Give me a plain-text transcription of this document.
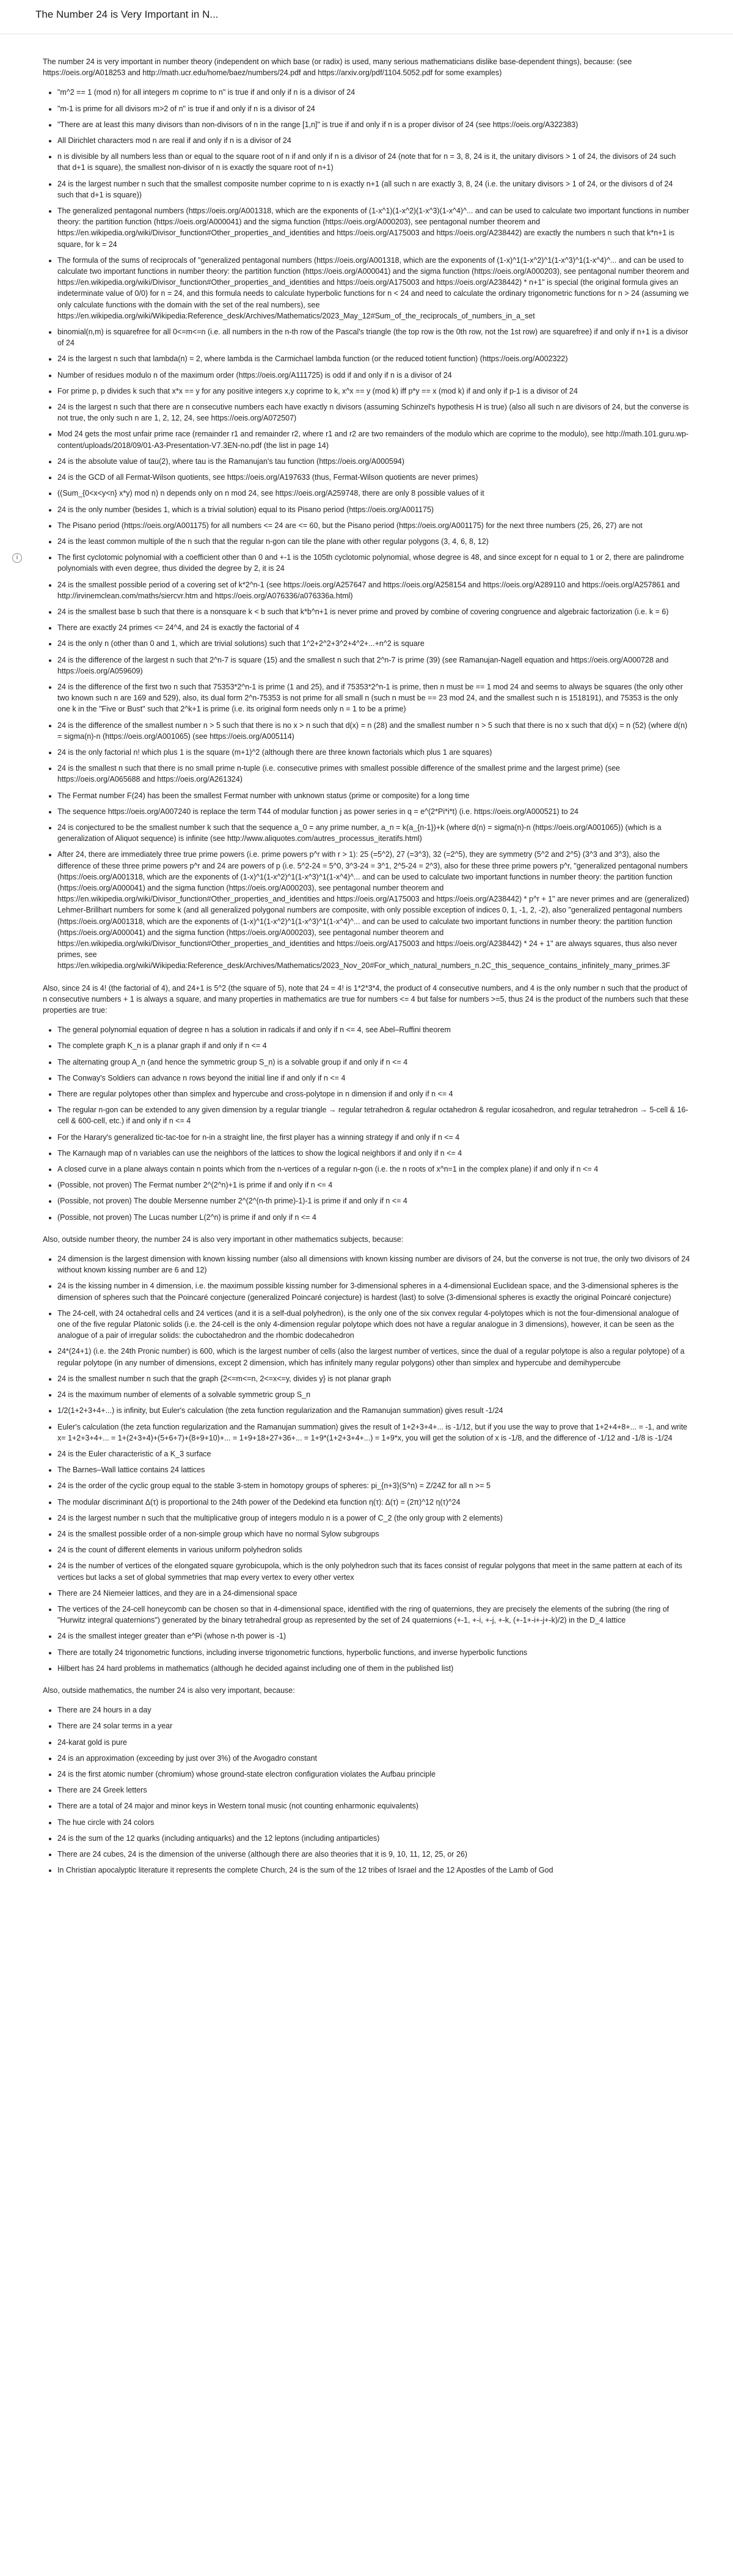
The Number 24 is Very Important in N...
i

The number 24 is very important in number theory (independent on which base (or radix) is used, many serious mathematicians dislike base-dependent things), because: (see https://oeis.org/A018253 and http://math.ucr.edu/home/baez/numbers/24.pdf and https://arxiv.org/pdf/1104.5052.pdf for some examples)

• "m^2 == 1 (mod n) for all integers m coprime to n" is true if and only if n is a divisor of 24
• "m-1 is prime for all divisors m>2 of n" is true if and only if n is a divisor of 24
• "There are at least this many divisors than non-divisors of n in the range [1,n]" is true if and only if n is a proper divisor of 24 (see https://oeis.org/A322383)
• All Dirichlet characters mod n are real if and only if n is a divisor of 24
• n is divisible by all numbers less than or equal to the square root of n if and only if n is a divisor of 24 (note that for n = 3, 8, 24 is it, the unitary divisors > 1 of 24, the divisors of 24 such that d+1 is square), the smallest non-divisor of n is exactly the square root of n+1)
• 24 is the largest number n such that the smallest composite number coprime to n is exactly n+1 (all such n are exactly 3, 8, 24 (i.e. the unitary divisors > 1 of 24, or the divisors d of 24 such that d+1 is square))
• The generalized pentagonal numbers (https://oeis.org/A001318, which are the exponents of (1-x^1)(1-x^2)(1-x^3)(1-x^4)^... and can be used to calculate two important functions in number theory: the partition function (https://oeis.org/A000041) and the sigma function (https://oeis.org/A000203), see pentagonal number theorem and https://en.wikipedia.org/wiki/Divisor_function#Other_properties_and_identities and https://oeis.org/A175003 and https://oeis.org/A238442) are exactly the numbers n such that k*n+1 is square, for k = 24
• The formula of the sums of reciprocals of "generalized pentagonal numbers (https://oeis.org/A001318, which are the exponents of (1-x)^1(1-x^2)^1(1-x^3)^1(1-x^4)^... and can be used to calculate two important functions in number theory: the partition function (https://oeis.org/A000041) and the sigma function (https://oeis.org/A000203), see pentagonal number theorem and https://en.wikipedia.org/wiki/Divisor_function#Other_properties_and_identities and https://oeis.org/A175003 and https://oeis.org/A238442) * n+1" is special (the original formula gives an indeterminate value of 0/0) for n = 24, and this formula needs to calculate hyperbolic functions for n < 24 and need to calculate the ordinary trigonometric functions for n > 24 (assuming we only calculate functions with the domain with the set of the real numbers), see https://en.wikipedia.org/wiki/Wikipedia:Reference_desk/Archives/Mathematics/2023_May_12#Sum_of_the_reciprocals_of_numbers_in_a_set
• binomial(n,m) is squarefree for all 0<=m<=n (i.e. all numbers in the n-th row of the Pascal's triangle (the top row is the 0th row, not the 1st row) are squarefree) if and only if n+1 is a divisor of 24
• 24 is the largest n such that lambda(n) = 2, where lambda is the Carmichael lambda function (or the reduced totient function) (https://oeis.org/A002322)
• Number of residues modulo n of the maximum order (https://oeis.org/A111725) is odd if and only if n is a divisor of 24
• For prime p, p divides k such that x*x == y for any positive integers x,y coprime to k, x^x == y (mod k) iff p*y == x (mod k) if and only if p-1 is a divisor of 24
• 24 is the largest n such that there are n consecutive numbers each have exactly n divisors (assuming Schinzel's hypothesis H is true) (also all such n are divisors of 24, but the converse is not true, the only such n are 1, 2, 12, 24, see https://oeis.org/A072507)
• Mod 24 gets the most unfair prime race (remainder r1 and remainder r2, where r1 and r2 are two remainders of the modulo which are coprime to the modulo), see http://math.101.guru.wp-content/uploads/2018/09/01-A3-Presentation-V7.3EN-no.pdf (the list in page 14)
• 24 is the absolute value of tau(2), where tau is the Ramanujan's tau function (https://oeis.org/A000594)
• 24 is the GCD of all Fermat-Wilson quotients, see https://oeis.org/A197633 (thus, Fermat-Wilson quotients are never primes)
• ((Sum_{0<x<y<n} x*y) mod n) n depends only on n mod 24, see https://oeis.org/A259748, there are only 8 possible values of it
• 24 is the only number (besides 1, which is a trivial solution) equal to its Pisano period (https://oeis.org/A001175)
• The Pisano period (https://oeis.org/A001175) for all numbers <= 24 are <= 60, but the Pisano period (https://oeis.org/A001175) for the next three numbers (25, 26, 27) are not
• 24 is the least common multiple of the n such that the regular n-gon can tile the plane with other regular polygons (3, 4, 6, 8, 12)
• The first cyclotomic polynomial with a coefficient other than 0 and +-1 is the 105th cyclotomic polynomial, whose degree is 48, and since except for n equal to 1 or 2, there are palindrome polynomials with even degree, thus divided the degree by 2, it is 24
• 24 is the smallest possible period of a covering set of k*2^n-1 (see https://oeis.org/A257647 and https://oeis.org/A258154 and https://oeis.org/A289110 and https://oeis.org/A257861 and http://irvinemclean.com/maths/siercvr.htm and https://oeis.org/A076336/a076336a.html)
• 24 is the smallest base b such that there is a nonsquare k < b such that k*b^n+1 is never prime and proved by combine of covering congruence and algebraic factorization (i.e. k = 6)
• There are exactly 24 primes <= 24^4, and 24 is exactly the factorial of 4
• 24 is the only n (other than 0 and 1, which are trivial solutions) such that 1^2+2^2+3^2+4^2+...+n^2 is square
• 24 is the difference of the largest n such that 2^n-7 is square (15) and the smallest n such that 2^n-7 is prime (39) (see Ramanujan-Nagell equation and https://oeis.org/A000728 and https://oeis.org/A059609)
• 24 is the difference of the first two n such that 75353*2^n-1 is prime (1 and 25), and if 75353*2^n-1 is prime, then n must be == 1 mod 24 and seems to always be squares (the only other two known such n are 169 and 529), also, its dual form 2^n-75353 is not prime for all small n (such n must be == 23 mod 24, and the smallest such n is 1518191), and 75353 is the only one k in the "Five or Bust" such that 2^k+1 is prime (i.e. its original form needs only n = 1 to be a prime)
• 24 is the difference of the smallest number n > 5 such that there is no x > n such that d(x) = n (28) and the smallest number n > 5 such that there is no x such that d(x) = n (52) (where d(n) = sigma(n)-n (https://oeis.org/A001065) (see https://oeis.org/A005114)
• 24 is the only factorial n! which plus 1 is the square (m+1)^2 (although there are three known factorials which plus 1 are squares)
• 24 is the smallest n such that there is no small prime n-tuple (i.e. consecutive primes with smallest possible difference of the smallest prime and the largest prime) (see https://oeis.org/A065688 and https://oeis.org/A261324)
• The Fermat number F(24) has been the smallest Fermat number with unknown status (prime or composite) for a long time
• The sequence https://oeis.org/A007240 is replace the term T44 of modular function j as power series in q = e^(2*Pi*i*t) (i.e. https://oeis.org/A000521) to 24
• 24 is conjectured to be the smallest number k such that the sequence a_0 = any prime number, a_n = k(a_{n-1})+k (where d(n) = sigma(n)-n (https://oeis.org/A001065)) (which is a generalization of Aliquot sequence) is infinite (see http://www.aliquotes.com/autres_processus_iteratifs.html)
• After 24, there are immediately three true prime powers (i.e. prime powers p^r with r > 1): 25 (=5^2), 27 (=3^3), 32 (=2^5), they are symmetry (5^2 and 2^5) (3^3 and 3^3), also the difference of these three prime powers p^r and 24 are powers of p (i.e. 5^2-24 = 5^0, 3^3-24 = 3^1, 2^5-24 = 2^3), also for these three prime powers p^r, "generalized pentagonal numbers (https://oeis.org/A001318, which are the exponents of (1-x)^1(1-x^2)^1(1-x^3)^1(1-x^4)^... and can be used to calculate two important functions in number theory: the partition function (https://oeis.org/A000041) and the sigma function (https://oeis.org/A000203), see pentagonal number theorem and https://en.wikipedia.org/wiki/Divisor_function#Other_properties_and_identities and https://oeis.org/A175003 and https://oeis.org/A238442) * p^r + 1" are never primes and are (generalized) Lehmer-Brillhart numbers for some k (and all generalized polygonal numbers are composite, with only possible exception of indices 0, 1, -1, 2, -2), also "generalized pentagonal numbers (https://oeis.org/A001318, which are the exponents of (1-x)^1(1-x^2)^1(1-x^3)^1(1-x^4)^... and can be used to calculate two important functions in number theory: the partition function (https://oeis.org/A000041) and the sigma function (https://oeis.org/A000203), see pentagonal number theorem and https://en.wikipedia.org/wiki/Divisor_function#Other_properties_and_identities and https://oeis.org/A175003 and https://oeis.org/A238442) * 24 + 1" are always squares, thus also never primes, see https://en.wikipedia.org/wiki/Wikipedia:Reference_desk/Archives/Mathematics/2023_Nov_20#For_which_natural_numbers_n.2C_this_sequence_contains_infinitely_many_primes.3F

Also, since 24 is 4! (the factorial of 4), and 24+1 is 5^2 (the square of 5), note that 24 = 4! is 1*2*3*4, the product of 4 consecutive numbers, and 4 is the only number n such that the product of n consecutive numbers + 1 is always a square, and many properties in mathematics are true for numbers <= 4 but false for numbers >=5, thus 24 is the product of the numbers such that these properties are true:

• The general polynomial equation of degree n has a solution in radicals if and only if n <= 4, see Abel–Ruffini theorem
• The complete graph K_n is a planar graph if and only if n <= 4
• The alternating group A_n (and hence the symmetric group S_n) is a solvable group if and only if n <= 4
• The Conway's Soldiers can advance n rows beyond the initial line if and only if n <= 4
• There are regular polytopes other than simplex and hypercube and cross-polytope in n dimension if and only if n <= 4
• The regular n-gon can be extended to any given dimension by a regular triangle → regular tetrahedron & regular octahedron & regular icosahedron, and regular tetrahedron → 5-cell & 16-cell & 600-cell, etc.) if and only if n <= 4
• For the Harary's generalized tic-tac-toe for n-in a straight line, the first player has a winning strategy if and only if n <= 4
• The Karnaugh map of n variables can use the neighbors of the lattices to show the logical neighbors if and only if n <= 4
• A closed curve in a plane always contain n points which from the n-vertices of a regular n-gon (i.e. the n roots of x^n=1 in the complex plane) if and only if n <= 4
• (Possible, not proven) The Fermat number 2^(2^n)+1 is prime if and only if n <= 4
• (Possible, not proven) The double Mersenne number 2^(2^(n-th prime)-1)-1 is prime if and only if n <= 4
• (Possible, not proven) The Lucas number L(2^n) is prime if and only if n <= 4

Also, outside number theory, the number 24 is also very important in other mathematics subjects, because:

• 24 dimension is the largest dimension with known kissing number (also all dimensions with known kissing number are divisors of 24, but the converse is not true, the only two divisors of 24 without known kissing number are 6 and 12)
• 24 is the kissing number in 4 dimension, i.e. the maximum possible kissing number for 3-dimensional spheres in a 4-dimensional Euclidean space, and the 3-dimensional spheres is the dimension of spheres such that the Poincaré conjecture (generalized Poincaré conjecture) is hardest (last) to solve (3-dimensional spheres is exactly the original Poincaré conjecture)
• The 24-cell, with 24 octahedral cells and 24 vertices (and it is a self-dual polyhedron), is the only one of the six convex regular 4-polytopes which is not the four-dimensional analogue of one of the five regular Platonic solids (i.e. the 24-cell is the only 4-dimension regular polytope which does not have a regular analogue in 3 dimensions), however, it can be seen as the analogue of a pair of irregular solids: the cuboctahedron and the rhombic dodecahedron
• 24*(24+1) (i.e. the 24th Pronic number) is 600, which is the largest number of cells (also the largest number of vertices, since the dual of a regular polytope is also a regular polytope) of a regular polytope (in any number of dimensions, except 2 dimension, which has infinitely many regular polygons) other than simplex and hypercube and demihypercube
• 24 is the smallest number n such that the graph {2<=m<=n, 2<=x<=y, divides y} is not planar graph
• 24 is the maximum number of elements of a solvable symmetric group S_n
• 1/2(1+2+3+4+...) is infinity, but Euler's calculation (the zeta function regularization and the Ramanujan summation) gives result -1/24
• Euler's calculation (the zeta function regularization and the Ramanujan summation) gives the result of 1+2+3+4+... is -1/12, but if you use the way to prove that 1+2+4+8+... = -1, and write x= 1+2+3+4+... = 1+(2+3+4)+(5+6+7)+(8+9+10)+... = 1+9+18+27+36+... = 1+9*(1+2+3+4+...) = 1+9*x, you will get the solution of x is -1/8, and the difference of -1/12 and -1/8 is -1/24
• 24 is the Euler characteristic of a K_3 surface
• The Barnes–Wall lattice contains 24 lattices
• 24 is the order of the cyclic group equal to the stable 3-stem in homotopy groups of spheres: pi_{n+3}(S^n) = Z/24Z for all n >= 5
• The modular discriminant Δ(τ) is proportional to the 24th power of the Dedekind eta function η(τ): Δ(τ) = (2π)^12 η(τ)^24
• 24 is the largest number n such that the multiplicative group of integers modulo n is a power of C_2 (the only group with 2 elements)
• 24 is the smallest possible order of a non-simple group which have no normal Sylow subgroups
• 24 is the count of different elements in various uniform polyhedron solids
• 24 is the number of vertices of the elongated square gyrobicupola, which is the only polyhedron such that its faces consist of regular polygons that meet in the same pattern at each of its vertices but lacks a set of global symmetries that map every vertex to every other vertex
• There are 24 Niemeier lattices, and they are in a 24-dimensional space
• The vertices of the 24-cell honeycomb can be chosen so that in 4-dimensional space, identified with the ring of quaternions, they are precisely the elements of the subring (the ring of "Hurwitz integral quaternions") generated by the binary tetrahedral group as represented by the set of 24 quaternions (+-1, +-i, +-j, +-k, (+-1+-i+-j+-k)/2) in the D_4 lattice
• 24 is the smallest integer greater than e^Pi (whose n-th power is -1)
• There are totally 24 trigonometric functions, including inverse trigonometric functions, hyperbolic functions, and inverse hyperbolic functions
• Hilbert has 24 hard problems in mathematics (although he decided against including one of them in the published list)

Also, outside mathematics, the number 24 is also very important, because:

• There are 24 hours in a day
• There are 24 solar terms in a year
• 24-karat gold is pure
• 24 is an approximation (exceeding by just over 3%) of the Avogadro constant
• 24 is the first atomic number (chromium) whose ground-state electron configuration violates the Aufbau principle
• There are 24 Greek letters
• There are a total of 24 major and minor keys in Western tonal music (not counting enharmonic equivalents)
• The hue circle with 24 colors
• 24 is the sum of the 12 quarks (including antiquarks) and the 12 leptons (including antiparticles)
• There are 24 cubes, 24 is the dimension of the universe (although there are also theories that it is 9, 10, 11, 12, 25, or 26)
• In Christian apocalyptic literature it represents the complete Church, 24 is the sum of the 12 tribes of Israel and the 12 Apostles of the Lamb of God
